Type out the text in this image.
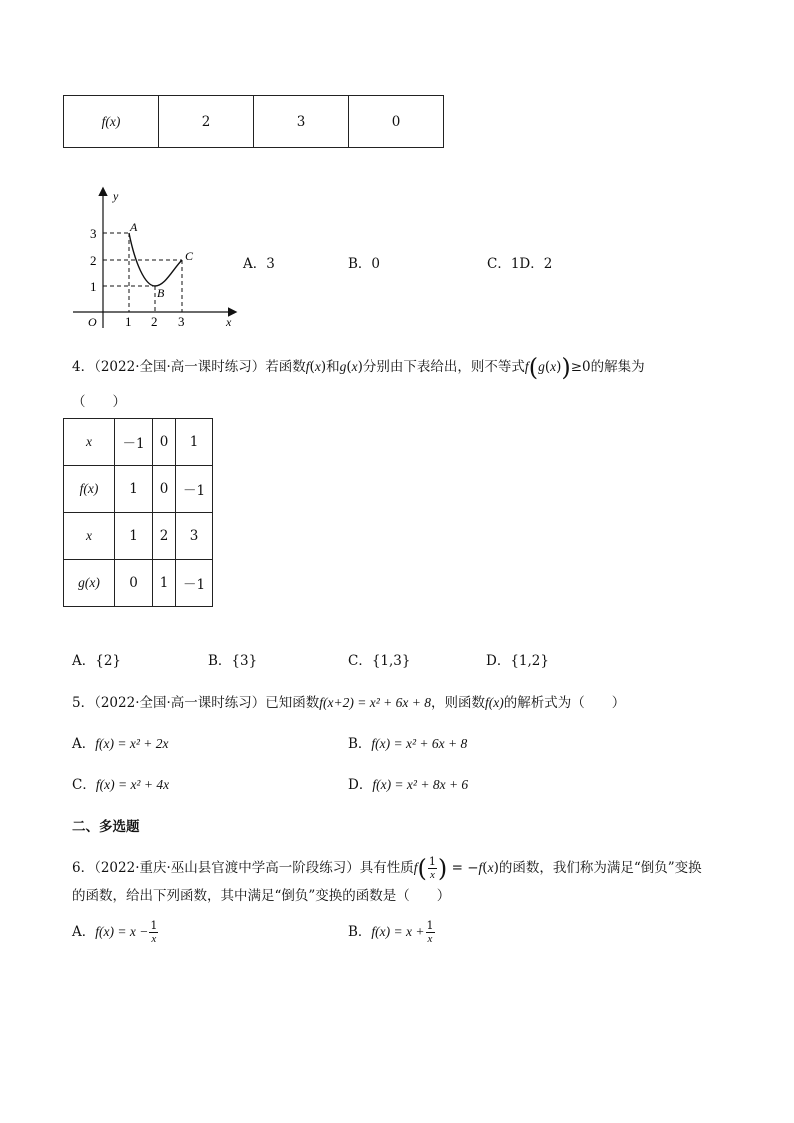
f(x)	2	3	0
y
x
O
3
2
1
1 2 3
A
B
C	A．3	B．0	C．1D．2
4．（2022·全国·高一课时练习）若函数f(x)和g(x)分别由下表给出，则不等式f(g(x))≥0的解集为
（　　）
x	－1	0	1
f(x)	1	0	－1
x	1	2	3
g(x)	0	1	－1
A．{2}	B．{3}	C．{1,3}	D．{1,2}
5．（2022·全国·高一课时练习）已知函数f(x+2) = x² + 6x + 8，则函数f(x)的解析式为（　　）
A．f(x) = x² + 2x	B．f(x) = x² + 6x + 8
C．f(x) = x² + 4x	D．f(x) = x² + 8x + 6
二、多选题
6．（2022·重庆·巫山县官渡中学高一阶段练习）具有性质$f( \frac{1}{x}$ ) = −f(x)的函数，我们称为满足“倒负”变换
的函数，给出下列函数，其中满足“倒负”变换的函数是（　　）
A．$f(x) = x - \frac{1}{x}$	B．$f(x) = x + \frac{1}{x}$
